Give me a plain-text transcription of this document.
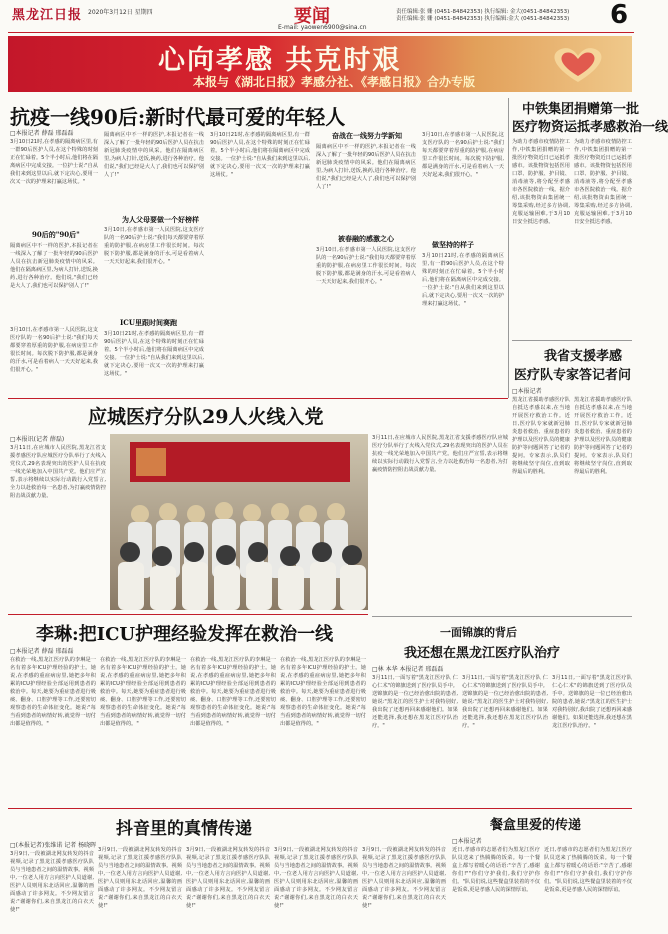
黑龙江日报 2020年3月12日 星期四	要闻
E-mail: yaowen6900@sina.cn
责任编辑:张 姗 (0451-84842353) 执行编辑: 金大(0451-84842353)
责任编辑:张 姗 (0451-84842353) 执行编辑:金大 (0451-84842353) 6
心向孝感 共克时艰
本报与《湖北日报》孝感分社、《孝感日报》合办专版
抗疫一线90后:新时代最可爱的年轻人
□本报记者 薛磊 邢磊磊
3月10日21时,在孝感的隔离病区里,有一群90后医护人员,在这个特殊的时刻正在忙碌着。5个半小时后,他们将在隔离病区中完成交接。一位护士说:"自从我们来到这里以后,就下定决心,要用一次又一次的护理来打赢这场仗。"
90后的"90后"
隔离病区中不一样的医护,本报记者在一线深入了解了一批年轻的90后医护人员在抗击新冠肺炎疫情中的风采。他们在隔离病区里,为病人打针,送饭,换药,进行各种治疗。他们说,"我们已经是大人了,我们也可以保护别人了!"
3月10日,在孝感市第一人民医院,这支医疗队的一名90后护士说:"我们每天都要穿着厚重的防护服,在病房里工作很长时间。每次脱下防护服,都是满身的汗水,可是看着病人一天天好起来,我们很开心。"
隔离病区中不一样的医护,本报记者在一线深入了解了一批年轻的90后医护人员在抗击新冠肺炎疫情中的风采。他们在隔离病区里,为病人打针,送饭,换药,进行各种治疗。他们说,"我们已经是大人了,我们也可以保护别人了!"
为人父母要做一个好榜样
3月10日,在孝感市第一人民医院,这支医疗队的一名90后护士说:"我们每天都要穿着厚重的防护服,在病房里工作很长时间。每次脱下防护服,都是满身的汗水,可是看着病人一天天好起来,我们很开心。"
ICU里跟时间赛跑
3月10日21时,在孝感的隔离病区里,有一群90后医护人员,在这个特殊的时刻正在忙碌着。5个半小时后,他们将在隔离病区中完成交接。一位护士说:"自从我们来到这里以后,就下定决心,要用一次又一次的护理来打赢这场仗。"
3月10日21时,在孝感的隔离病区里,有一群90后医护人员,在这个特殊的时刻正在忙碌着。5个半小时后,他们将在隔离病区中完成交接。一位护士说:"自从我们来到这里以后,就下定决心,要用一次又一次的护理来打赢这场仗。"
奋战在一线努力学新知
隔离病区中不一样的医护,本报记者在一线深入了解了一批年轻的90后医护人员在抗击新冠肺炎疫情中的风采。他们在隔离病区里,为病人打针,送饭,换药,进行各种治疗。他们说,"我们已经是大人了,我们也可以保护别人了!"
被春融的感激之心
3月10日,在孝感市第一人民医院,这支医疗队的一名90后护士说:"我们每天都要穿着厚重的防护服,在病房里工作很长时间。每次脱下防护服,都是满身的汗水,可是看着病人一天天好起来,我们很开心。"
3月10日,在孝感市第一人民医院,这支医疗队的一名90后护士说:"我们每天都要穿着厚重的防护服,在病房里工作很长时间。每次脱下防护服,都是满身的汗水,可是看着病人一天天好起来,我们很开心。"
做坚持的样子
3月10日21时,在孝感的隔离病区里,有一群90后医护人员,在这个特殊的时刻正在忙碌着。5个半小时后,他们将在隔离病区中完成交接。一位护士说:"自从我们来到这里以后,就下定决心,要用一次又一次的护理来打赢这场仗。"
中铁集团捐赠第一批
医疗物资运抵孝感救治一线
为助力孝感市疫情防控工作,中铁集团捐赠的第一批医疗物资近日已运抵孝感市。该批物资包括医用口罩、防护服、护目镜、消毒液等,将分配至孝感市各医院救治一线。据介绍,该批物资由集团统一筹集采购,经过多方协调,克服运输困难,于3月10日安全抵达孝感。
为助力孝感市疫情防控工作,中铁集团捐赠的第一批医疗物资近日已运抵孝感市。该批物资包括医用口罩、防护服、护目镜、消毒液等,将分配至孝感市各医院救治一线。据介绍,该批物资由集团统一筹集采购,经过多方协调,克服运输困难,于3月10日安全抵达孝感。
我省支援孝感
医疗队专家答记者问
应城医疗分队29人火线入党
□本报讯(记者 薛磊)
3月11日,在应城市人民医院,黑龙江省支援孝感医疗队应城医疗分队举行了火线入党仪式,29名表现突出的医护人员在抗疫一线光荣地加入中国共产党。他们庄严宣誓,表示将继续以实际行动践行入党誓言,全力以赴救治每一名患者,为打赢疫情防控阻击战贡献力量。
3月11日,在应城市人民医院,黑龙江省支援孝感医疗队应城医疗分队举行了火线入党仪式,29名表现突出的医护人员在抗疫一线光荣地加入中国共产党。他们庄严宣誓,表示将继续以实际行动践行入党誓言,全力以赴救治每一名患者,为打赢疫情防控阻击战贡献力量。
□本报记者
黑龙江省援助孝感医疗队自抵达孝感以来,在当地开展医疗救治工作。近日,医疗队专家就新冠肺炎患者救治、重症患者的护理以及医疗队员的健康防护等问题回答了记者的提问。专家表示,队员们将继续坚守岗位,直到取得最后的胜利。
黑龙江省援助孝感医疗队自抵达孝感以来,在当地开展医疗救治工作。近日,医疗队专家就新冠肺炎患者救治、重症患者的护理以及医疗队员的健康防护等问题回答了记者的提问。专家表示,队员们将继续坚守岗位,直到取得最后的胜利。
一面锦旗的背后
我还想在黑龙江医疗队治疗
□林 本华 本报记者 邢磊磊
3月11日,一面写着"黑龙江医疗队 仁心仁术"的锦旗送到了医疗队员手中。送锦旗的是一位已经治愈出院的患者,她说:"黑龙江的医生护士对我特别好,我出院了还想再回来感谢他们。如果还能选择,我还想在黑龙江医疗队治疗。"
3月11日,一面写着"黑龙江医疗队 仁心仁术"的锦旗送到了医疗队员手中。送锦旗的是一位已经治愈出院的患者,她说:"黑龙江的医生护士对我特别好,我出院了还想再回来感谢他们。如果还能选择,我还想在黑龙江医疗队治疗。"
3月11日,一面写着"黑龙江医疗队 仁心仁术"的锦旗送到了医疗队员手中。送锦旗的是一位已经治愈出院的患者,她说:"黑龙江的医生护士对我特别好,我出院了还想再回来感谢他们。如果还能选择,我还想在黑龙江医疗队治疗。"
李琳:把ICU护理经验发挥在救治一线
□本报记者 薛磊 邢磊磊
在救治一线,黑龙江医疗队的李琳是一名有着多年ICU护理经验的护士。她说,在孝感的重症病房里,她把多年积累的ICU护理经验全部运用到患者的救治中。每天,她要为重症患者进行吸痰、翻身、口腔护理等工作,还要密切观察患者的生命体征变化。她说:"每当看到患者的病情好转,就觉得一切付出都是值得的。"
在救治一线,黑龙江医疗队的李琳是一名有着多年ICU护理经验的护士。她说,在孝感的重症病房里,她把多年积累的ICU护理经验全部运用到患者的救治中。每天,她要为重症患者进行吸痰、翻身、口腔护理等工作,还要密切观察患者的生命体征变化。她说:"每当看到患者的病情好转,就觉得一切付出都是值得的。"
在救治一线,黑龙江医疗队的李琳是一名有着多年ICU护理经验的护士。她说,在孝感的重症病房里,她把多年积累的ICU护理经验全部运用到患者的救治中。每天,她要为重症患者进行吸痰、翻身、口腔护理等工作,还要密切观察患者的生命体征变化。她说:"每当看到患者的病情好转,就觉得一切付出都是值得的。"
在救治一线,黑龙江医疗队的李琳是一名有着多年ICU护理经验的护士。她说,在孝感的重症病房里,她把多年积累的ICU护理经验全部运用到患者的救治中。每天,她要为重症患者进行吸痰、翻身、口腔护理等工作,还要密切观察患者的生命体征变化。她说:"每当看到患者的病情好转,就觉得一切付出都是值得的。"
抖音里的真情传递
□(本报记者)张维诺 记者 杨晓晖
3月9日,一段被湖北网友转发的抖音视频,记录了黑龙江援孝感医疗队队员与当地患者之间的温情故事。视频中,一位老人用方言向医护人员道谢,医护人员则用东北话回应,温馨的画面感动了许多网友。不少网友留言说:"谢谢你们,来自黑龙江的白衣天使!"
3月9日,一段被湖北网友转发的抖音视频,记录了黑龙江援孝感医疗队队员与当地患者之间的温情故事。视频中,一位老人用方言向医护人员道谢,医护人员则用东北话回应,温馨的画面感动了许多网友。不少网友留言说:"谢谢你们,来自黑龙江的白衣天使!"
3月9日,一段被湖北网友转发的抖音视频,记录了黑龙江援孝感医疗队队员与当地患者之间的温情故事。视频中,一位老人用方言向医护人员道谢,医护人员则用东北话回应,温馨的画面感动了许多网友。不少网友留言说:"谢谢你们,来自黑龙江的白衣天使!"
3月9日,一段被湖北网友转发的抖音视频,记录了黑龙江援孝感医疗队队员与当地患者之间的温情故事。视频中,一位老人用方言向医护人员道谢,医护人员则用东北话回应,温馨的画面感动了许多网友。不少网友留言说:"谢谢你们,来自黑龙江的白衣天使!"
3月9日,一段被湖北网友转发的抖音视频,记录了黑龙江援孝感医疗队队员与当地患者之间的温情故事。视频中,一位老人用方言向医护人员道谢,医护人员则用东北话回应,温馨的画面感动了许多网友。不少网友留言说:"谢谢你们,来自黑龙江的白衣天使!"
餐盒里爱的传递
□本报记者
近日,孝感市的志愿者们为黑龙江医疗队员送来了热腾腾的饭菜。每一个餐盒上都写着暖心的话语:"辛苦了,感谢你们!""你们守护我们,我们守护你们。"队员们说,这些餐盒里装着的不仅是饭菜,更是孝感人民的深情厚谊。
近日,孝感市的志愿者们为黑龙江医疗队员送来了热腾腾的饭菜。每一个餐盒上都写着暖心的话语:"辛苦了,感谢你们!""你们守护我们,我们守护你们。"队员们说,这些餐盒里装着的不仅是饭菜,更是孝感人民的深情厚谊。
